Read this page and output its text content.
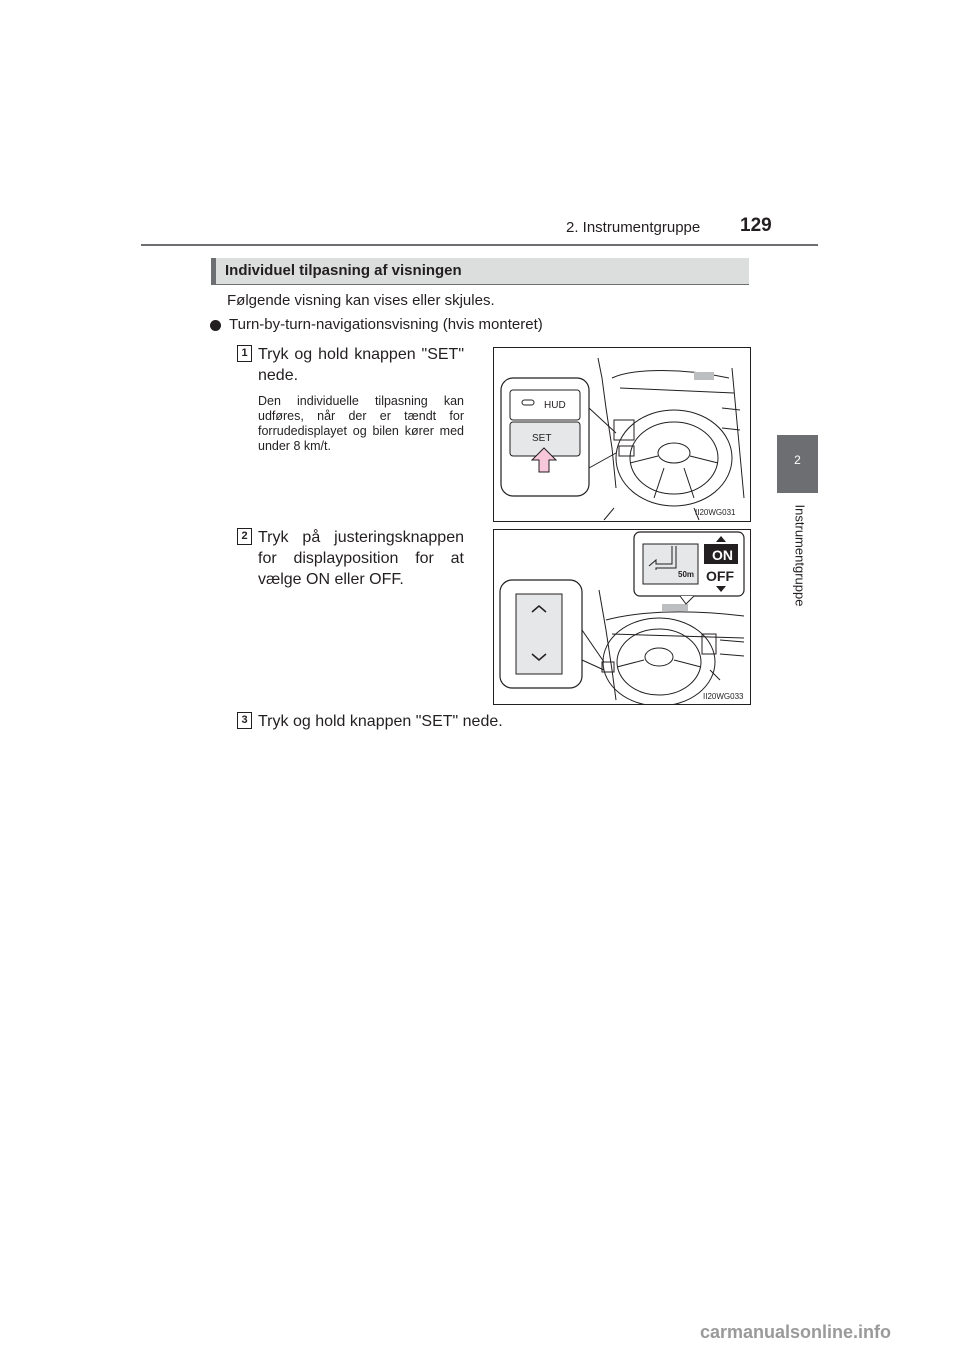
2. Instrumentgruppe 129
2
Instrumentgruppe
Individuel tilpasning af visningen
Følgende visning kan vises eller skjules.
Turn-by-turn-navigationsvisning (hvis monteret)
1 Tryk og hold knappen "SET" nede.
Den individuelle tilpasning kan udføres, når der er tændt for forrudedisplayet og bilen kører med under 8 km/t.
2 Tryk på justeringsknappen for displayposition for at vælge ON eller OFF.
3 Tryk og hold knappen "SET" nede.
HUD
SET
II20WG031
50m
ON
OFF
II20WG033
carmanualsonline.info
